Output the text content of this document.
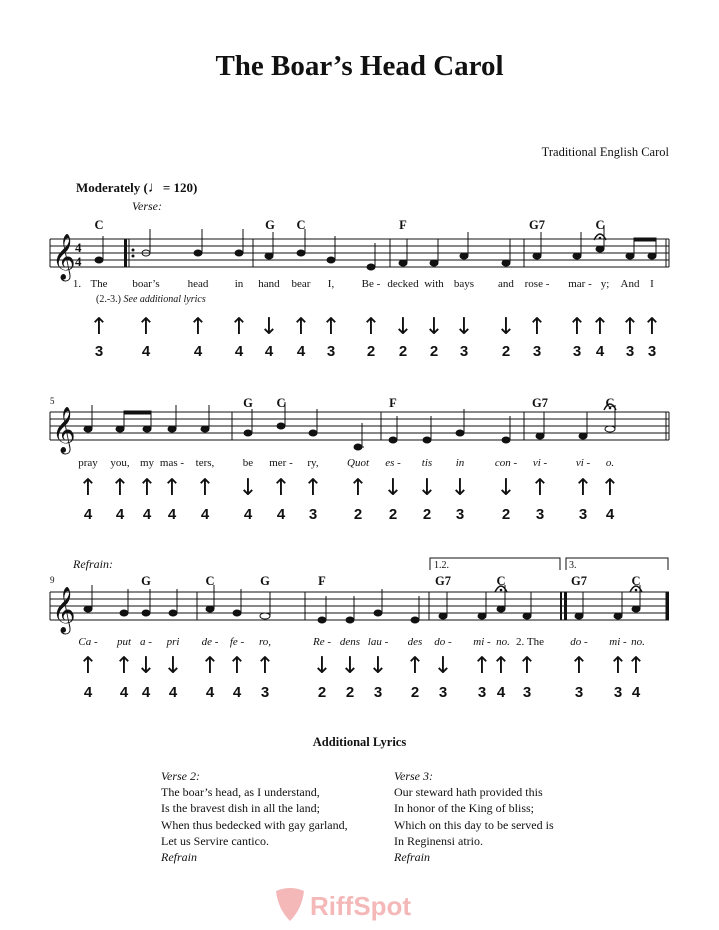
The Boar’s Head Carol
Traditional English Carol
Moderately (♩= 120)
Verse:
Refrain:
5
9
1.2.	3.
(2.-3.) See additional lyrics
𝄞
𝄞
𝄞
4
4
C	G C	F	G7	C
1. The boar’s	head in hand bear I, Be - decked with bays and rose - mar - y; And I
↑
3
↑
4
↑
4
↑
4
↓
4
↑
4
↑
3
↑
2
↓
2
↓
2
↓
3
↓
2
↑
3
↑
3
↑
4
↑
3
↑
3
G C	F	G7	C
pray you, my mas - ters,	be mer - ry,	Quot es - tis in	con - vi -	vi - o.
↑
4
↑
4
↑
4
↑
4
↑
4
↓
4
↑
4
↑
3
↑
2
↓
2
↓
2
↓
3
↓
2
↑
3
↑
3
↑
4
G	C	G	F	G7	C	G7	C
Ca - put a - pri de - fe - ro,	Re - dens lau - des do - mi - no. 2. The do - mi - no.
↑
4
↑
4
↓
4
↓
4
↑
4
↑
4
↑
3
↓
2
↓
2
↓
3
↑
2
↓
3
↑
3
↑
4
↑
3
↑
3
↑
3
↑
4
Additional Lyrics
Verse 2:
The boar’s head, as I understand,
Is the bravest dish in all the land;
When thus bedecked with gay garland,
Let us Servire cantico.
Refrain
Verse 3:
Our steward hath provided this
In honor of the King of bliss;
Which on this day to be served is
In Reginensi atrio.
Refrain
RiffSpot
